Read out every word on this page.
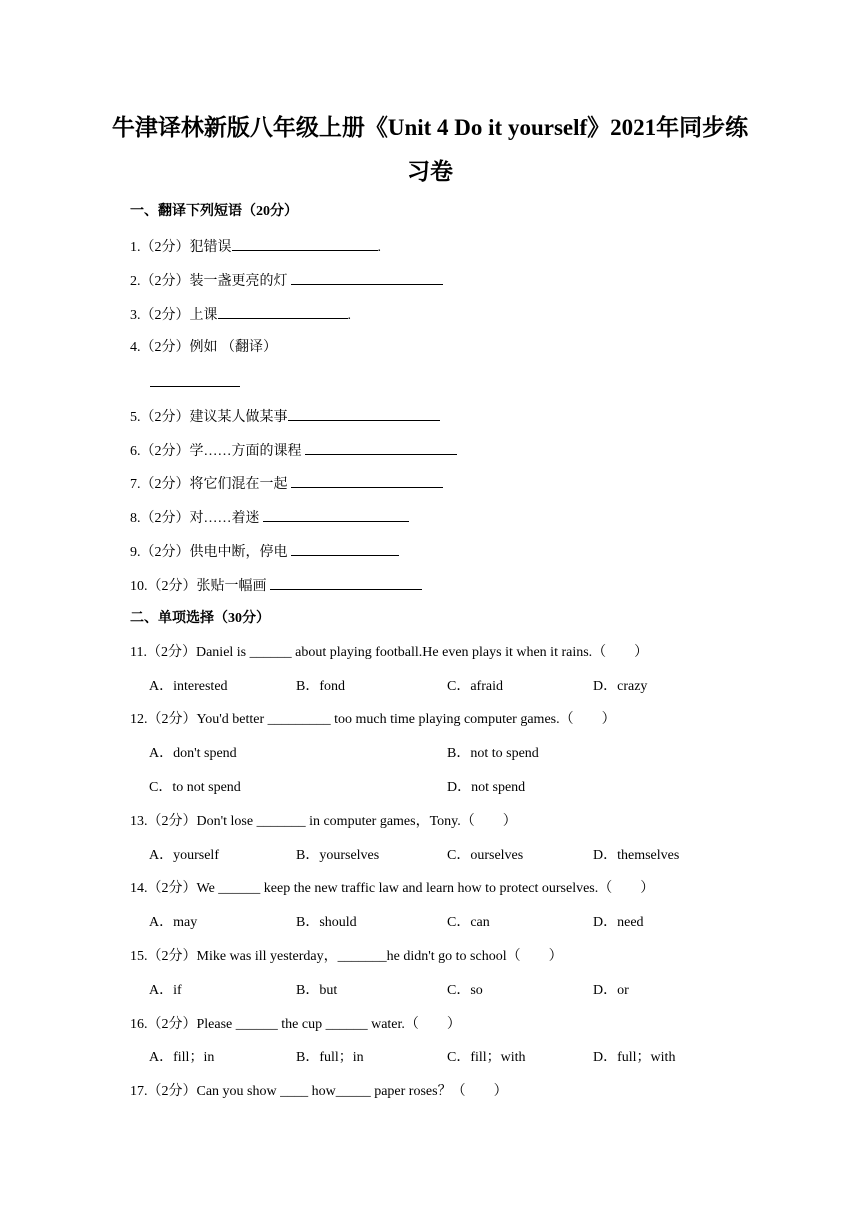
牛津译林新版八年级上册《Unit 4 Do it yourself》2021年同步练
习卷
一、翻译下列短语（20分）
1.（2分）犯错误	.
2.（2分）装一盏更亮的灯
3.（2分）上课	.
4.（2分）例如 （翻译）
5.（2分）建议某人做某事
6.（2分）学……方面的课程
7.（2分）将它们混在一起
8.（2分）对……着迷
9.（2分）供电中断，停电
10.（2分）张贴一幅画
二、单项选择（30分）
11.（2分）Daniel is ______ about playing football.He even plays it when it rains.（　　）
A．interested	B．fond	C．afraid	D．crazy
12.（2分）You'd better _________ too much time playing computer games.（　　）
A．don't spend	B．not to spend
C．to not spend	D．not spend
13.（2分）Don't lose _______ in computer games，Tony.（　　）
A．yourself	B．yourselves	C．ourselves	D．themselves
14.（2分）We ______ keep the new traffic law and learn how to protect ourselves.（　　）
A．may	B．should	C．can	D．need
15.（2分）Mike was ill yesterday，_______he didn't go to school（　　）
A．if	B．but	C．so	D．or
16.（2分）Please ______ the cup ______ water.（　　）
A．fill；in	B．full；in	C．fill；with	D．full；with
17.（2分）Can you show ____ how_____ paper roses？（　　）
